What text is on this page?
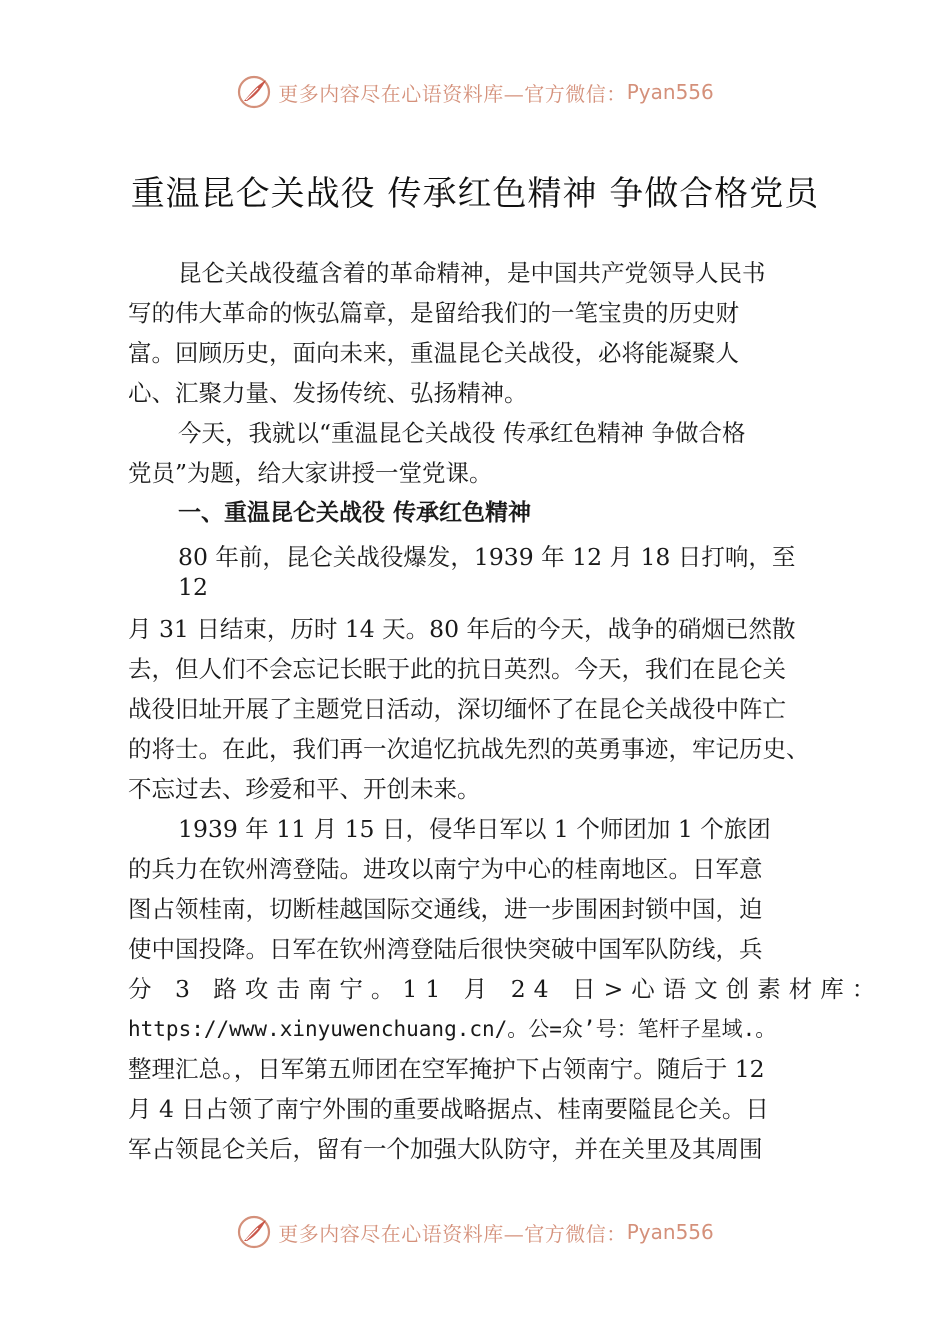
更多内容尽在心语资料库—官方微信： Pyan556
重温昆仑关战役 传承红色精神 争做合格党员
昆仑关战役蕴含着的革命精神，是中国共产党领导人民书
写的伟大革命的恢弘篇章，是留给我们的一笔宝贵的历史财
富。回顾历史，面向未来，重温昆仑关战役，必将能凝聚人
心、汇聚力量、发扬传统、弘扬精神。
今天，我就以“重温昆仑关战役 传承红色精神 争做合格
党员”为题，给大家讲授一堂党课。
一、重温昆仑关战役 传承红色精神
80 年前，昆仑关战役爆发，1939 年 12 月 18 日打响，至
12
月 31 日结束，历时 14 天。80 年后的今天，战争的硝烟已然散
去，但人们不会忘记长眠于此的抗日英烈。今天，我们在昆仑关
战役旧址开展了主题党日活动，深切缅怀了在昆仑关战役中阵亡
的将士。在此，我们再一次追忆抗战先烈的英勇事迹，牢记历史、
不忘过去、珍爱和平、开创未来。
1939 年 11 月 15 日，侵华日军以 1 个师团加 1 个旅团
的兵力在钦州湾登陆。进攻以南宁为中心的桂南地区。日军意
图占领桂南，切断桂越国际交通线，进一步围困封锁中国，迫
使中国投降。日军在钦州湾登陆后很快突破中国军队防线，兵
分 3 路攻击南宁。11 月 24 日>心语文创素材库：
https://www.xinyuwenchuang.cn/。公=众’号：笔杆子星域.。
整理汇总。，日军第五师团在空军掩护下占领南宁。随后于 12
月 4 日占领了南宁外围的重要战略据点、桂南要隘昆仑关。日
军占领昆仑关后，留有一个加强大队防守，并在关里及其周围
更多内容尽在心语资料库—官方微信： Pyan556
